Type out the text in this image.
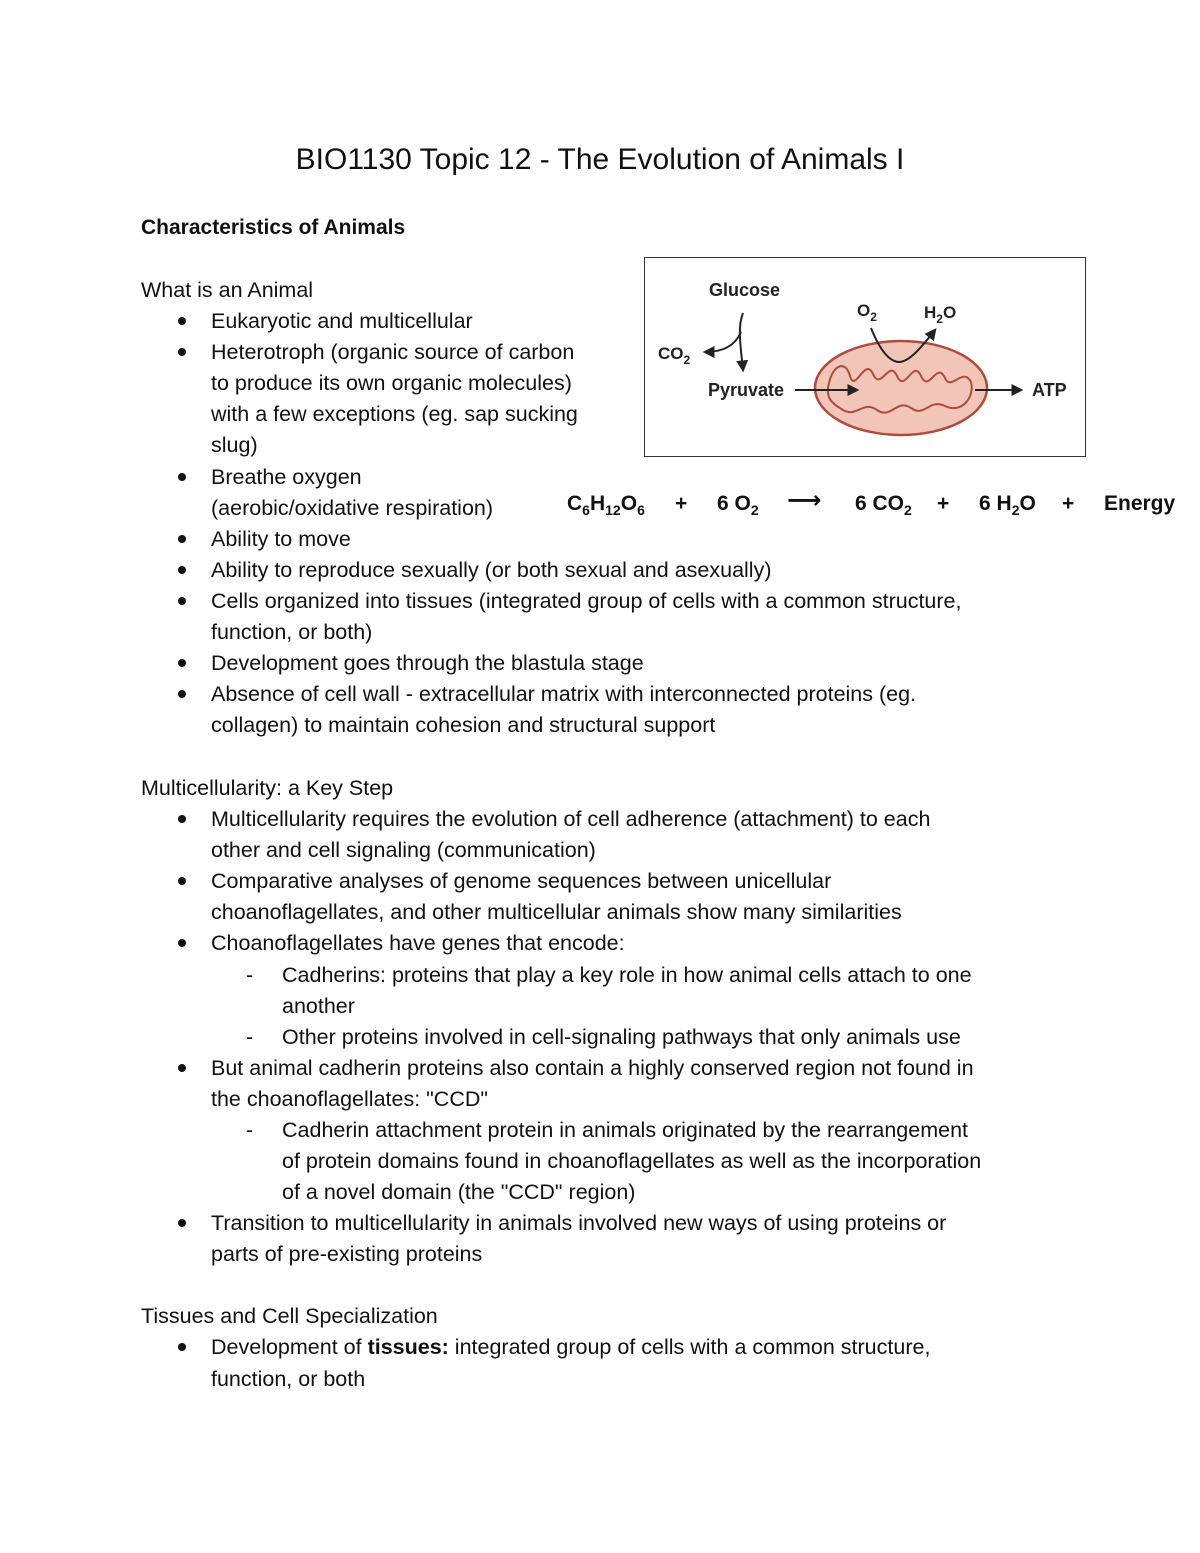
BIO1130 Topic 12 - The Evolution of Animals I
Characteristics of Animals
What is an Animal
Eukaryotic and multicellular
Heterotroph (organic source of carbon
to produce its own organic molecules)
with a few exceptions (eg. sap sucking
slug)
Breathe oxygen
(aerobic/oxidative respiration)
Ability to move
Ability to reproduce sexually (or both sexual and asexually)
Cells organized into tissues (integrated group of cells with a common structure,
function, or both)
Development goes through the blastula stage
Absence of cell wall - extracellular matrix with interconnected proteins (eg.
collagen) to maintain cohesion and structural support
Multicellularity: a Key Step
Multicellularity requires the evolution of cell adherence (attachment) to each
other and cell signaling (communication)
Comparative analyses of genome sequences between unicellular
choanoflagellates, and other multicellular animals show many similarities
Choanoflagellates have genes that encode:
- Cadherins: proteins that play a key role in how animal cells attach to one
another
- Other proteins involved in cell-signaling pathways that only animals use
But animal cadherin proteins also contain a highly conserved region not found in
the choanoflagellates: "CCD"
- Cadherin attachment protein in animals originated by the rearrangement
of protein domains found in choanoflagellates as well as the incorporation
of a novel domain (the "CCD" region)
Transition to multicellularity in animals involved new ways of using proteins or
parts of pre-existing proteins
Tissues and Cell Specialization
Development of tissues: integrated group of cells with a common structure,
function, or both
Glucose
$CO_2$
Pyruvate
$O_2$	$H_2O$
ATP
$C_6H_{12}O_6 + 6$ $O_2$ ⟶ 6 $CO_2 + 6$ $H_2O$ + Energy
